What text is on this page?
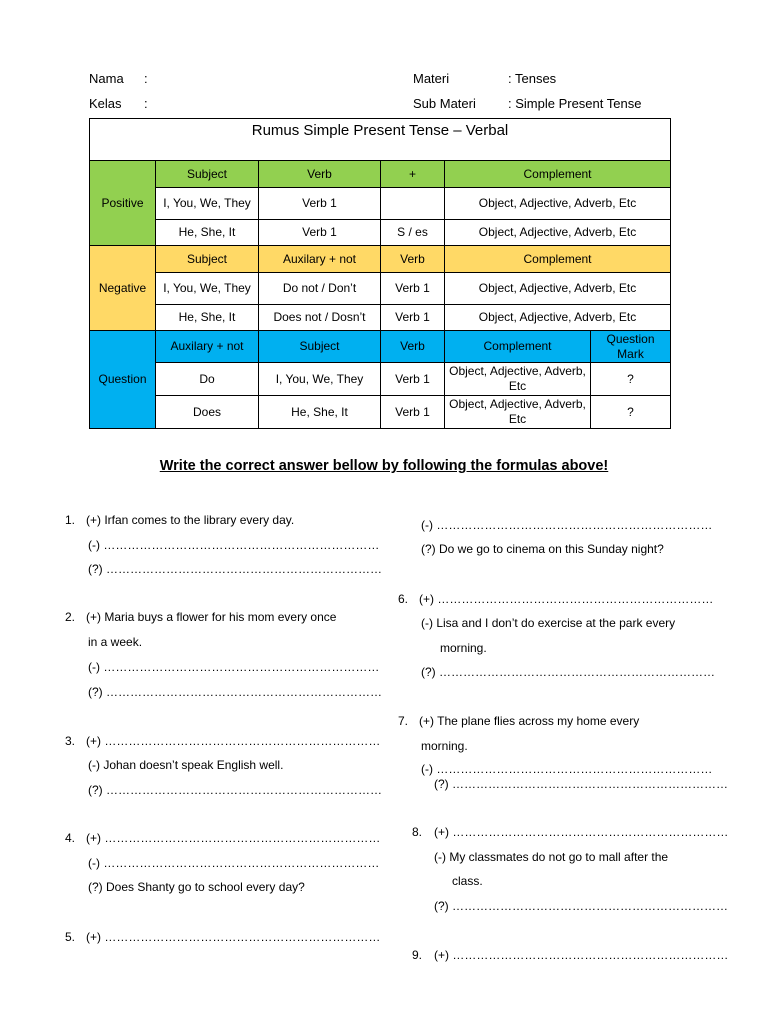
Nama :
Kelas :
Materi	: Tenses
Sub Materi : Simple Present Tense
Rumus Simple Present Tense – Verbal					
Positive	Subject	Verb	+	Complement	
	I, You, We, They	Verb 1		Object, Adjective, Adverb, Etc	
	He, She, It	Verb 1	S / es	Object, Adjective, Adverb, Etc	
Negative	Subject	Auxilary + not	Verb	Complement	
	I, You, We, They	Do not / Don’t	Verb 1	Object, Adjective, Adverb, Etc	
	He, She, It	Does not / Dosn’t	Verb 1	Object, Adjective, Adverb, Etc	
Question	Auxilary + not	Subject	Verb	Complement	Question Mark
	Do	I, You, We, They	Verb 1	Object, Adjective, Adverb, Etc	?
	Does	He, She, It	Verb 1	Object, Adjective, Adverb, Etc	?
Write the correct answer bellow by following the formulas above!
1. (+) Irfan comes to the library every day.
(-) ……………………………………………………………
(?) ……………………………………………………………
2. (+) Maria buys a flower for his mom every once
in a week.
(-) ……………………………………………………………
(?) ……………………………………………………………
3. (+) ……………………………………………………………
(-) Johan doesn’t speak English well.
(?) ……………………………………………………………
4. (+) ……………………………………………………………
(-) ……………………………………………………………
(?) Does Shanty go to school every day?
5. (+) ……………………………………………………………
(-) ……………………………………………………………
(?) Do we go to cinema on this Sunday night?
6. (+) ……………………………………………………………
(-) Lisa and I don’t do exercise at the park every
morning.
(?) ……………………………………………………………
7. (+) The plane flies across my home every
morning.
(-) ……………………………………………………………
(?) ……………………………………………………………
8. (+) ……………………………………………………………
(-) My classmates do not go to mall after the
class.
(?) ……………………………………………………………
9. (+) ……………………………………………………………
